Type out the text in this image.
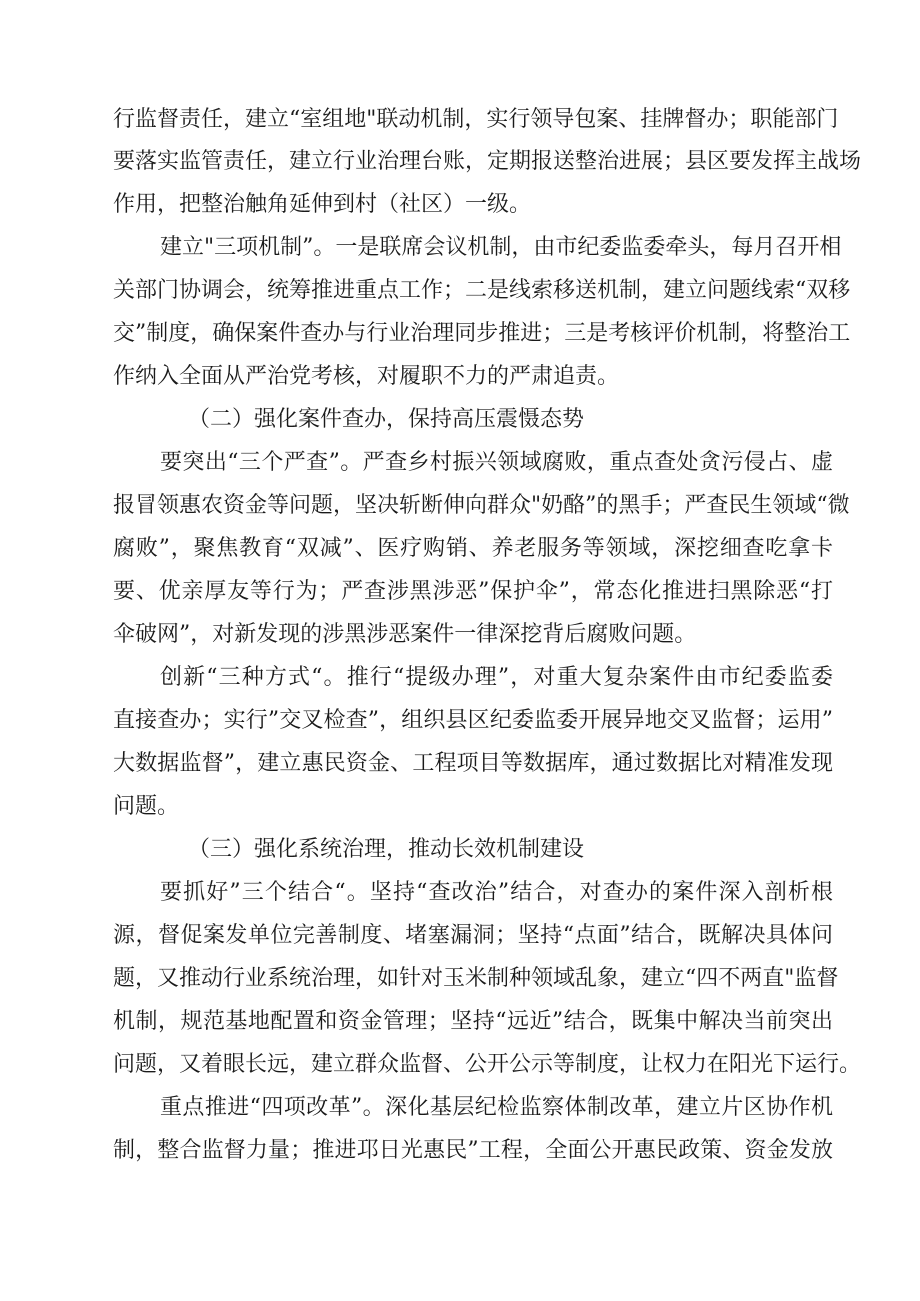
行监督责任，建立“室组地"联动机制，实行领导包案、挂牌督办；职能部门
要落实监管责任，建立行业治理台账，定期报送整治进展；县区要发挥主战场
作用，把整治触角延伸到村（社区）一级。
建立"三项机制”。一是联席会议机制，由市纪委监委牵头，每月召开相
关部门协调会，统筹推进重点工作；二是线索移送机制，建立问题线索“双移
交”制度，确保案件查办与行业治理同步推进；三是考核评价机制，将整治工
作纳入全面从严治党考核，对履职不力的严肃追责。
（二）强化案件查办，保持高压震慑态势
要突出“三个严查”。严查乡村振兴领域腐败，重点查处贪污侵占、虚
报冒领惠农资金等问题，坚决斩断伸向群众"奶酪”的黑手；严查民生领域“微
腐败”，聚焦教育“双减”、医疗购销、养老服务等领域，深挖细查吃拿卡
要、优亲厚友等行为；严查涉黑涉恶”保护伞”，常态化推进扫黑除恶“打
伞破网”，对新发现的涉黑涉恶案件一律深挖背后腐败问题。
创新“三种方式“。推行“提级办理”，对重大复杂案件由市纪委监委
直接查办；实行”交叉检查”，组织县区纪委监委开展异地交叉监督；运用”
大数据监督”，建立惠民资金、工程项目等数据库，通过数据比对精准发现
问题。
（三）强化系统治理，推动长效机制建设
要抓好”三个结合“。坚持“查改治”结合，对查办的案件深入剖析根
源，督促案发单位完善制度、堵塞漏洞；坚持“点面”结合，既解决具体问
题，又推动行业系统治理，如针对玉米制种领域乱象，建立“四不两直"监督
机制，规范基地配置和资金管理；坚持“远近”结合，既集中解决当前突出
问题，又着眼长远，建立群众监督、公开公示等制度，让权力在阳光下运行。
重点推进“四项改革”。深化基层纪检监察体制改革，建立片区协作机
制，整合监督力量；推进邛日光惠民”工程，全面公开惠民政策、资金发放
